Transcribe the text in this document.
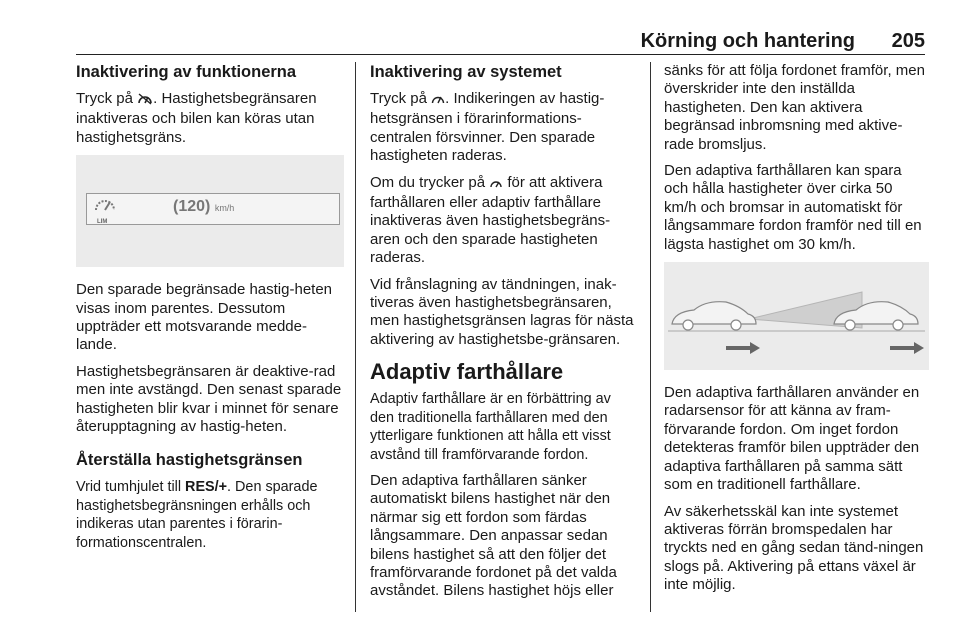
Körning och hantering 205
Inaktivering av funktionerna

Tryck på . Hastighetsbegränsaren inaktiveras och bilen kan köras utan hastighetsgräns.

LIM
(120) km/h

Den sparade begränsade hastig-heten visas inom parentes. Dessutom uppträder ett motsvarande medde-lande.

Hastighetsbegränsaren är deaktive-rad men inte avstängd. Den senast sparade hastigheten blir kvar i minnet för senare återupptagning av hastig-heten.

Återställa hastighetsgränsen

Vrid tumhjulet till RES/+. Den sparade hastighetsbegränsningen erhålls och indikeras utan parentes i förarin-formationscentralen.

Inaktivering av systemet

Tryck på . Indikeringen av hastig-hetsgränsen i förarinformations-centralen försvinner. Den sparade hastigheten raderas.

Om du trycker på  för att aktivera farthållaren eller adaptiv farthållare inaktiveras även hastighetsbegräns-aren och den sparade hastigheten raderas.

Vid frånslagning av tändningen, inak-tiveras även hastighetsbegränsaren, men hastighetsgränsen lagras för nästa aktivering av hastighetsbe-gränsaren.

Adaptiv farthållare

Adaptiv farthållare är en förbättring av den traditionella farthållaren med den ytterligare funktionen att hålla ett visst avstånd till framförvarande fordon.

Den adaptiva farthållaren sänker automatiskt bilens hastighet när den närmar sig ett fordon som färdas långsammare. Den anpassar sedan bilens hastighet så att den följer det framförvarande fordonet på det valda avståndet. Bilens hastighet höjs eller

sänks för att följa fordonet framför, men överskrider inte den inställda hastigheten. Den kan aktivera begränsad inbromsning med aktive-rade bromsljus.

Den adaptiva farthållaren kan spara och hålla hastigheter över cirka 50 km/h och bromsar in automatiskt för långsammare fordon framför ned till en lägsta hastighet om 30 km/h.

Den adaptiva farthållaren använder en radarsensor för att känna av fram-förvarande fordon. Om inget fordon detekteras framför bilen uppträder den adaptiva farthållaren på samma sätt som en traditionell farthållare.

Av säkerhetsskäl kan inte systemet aktiveras förrän bromspedalen har tryckts ned en gång sedan tänd-ningen slogs på. Aktivering på ettans växel är inte möjlig.
